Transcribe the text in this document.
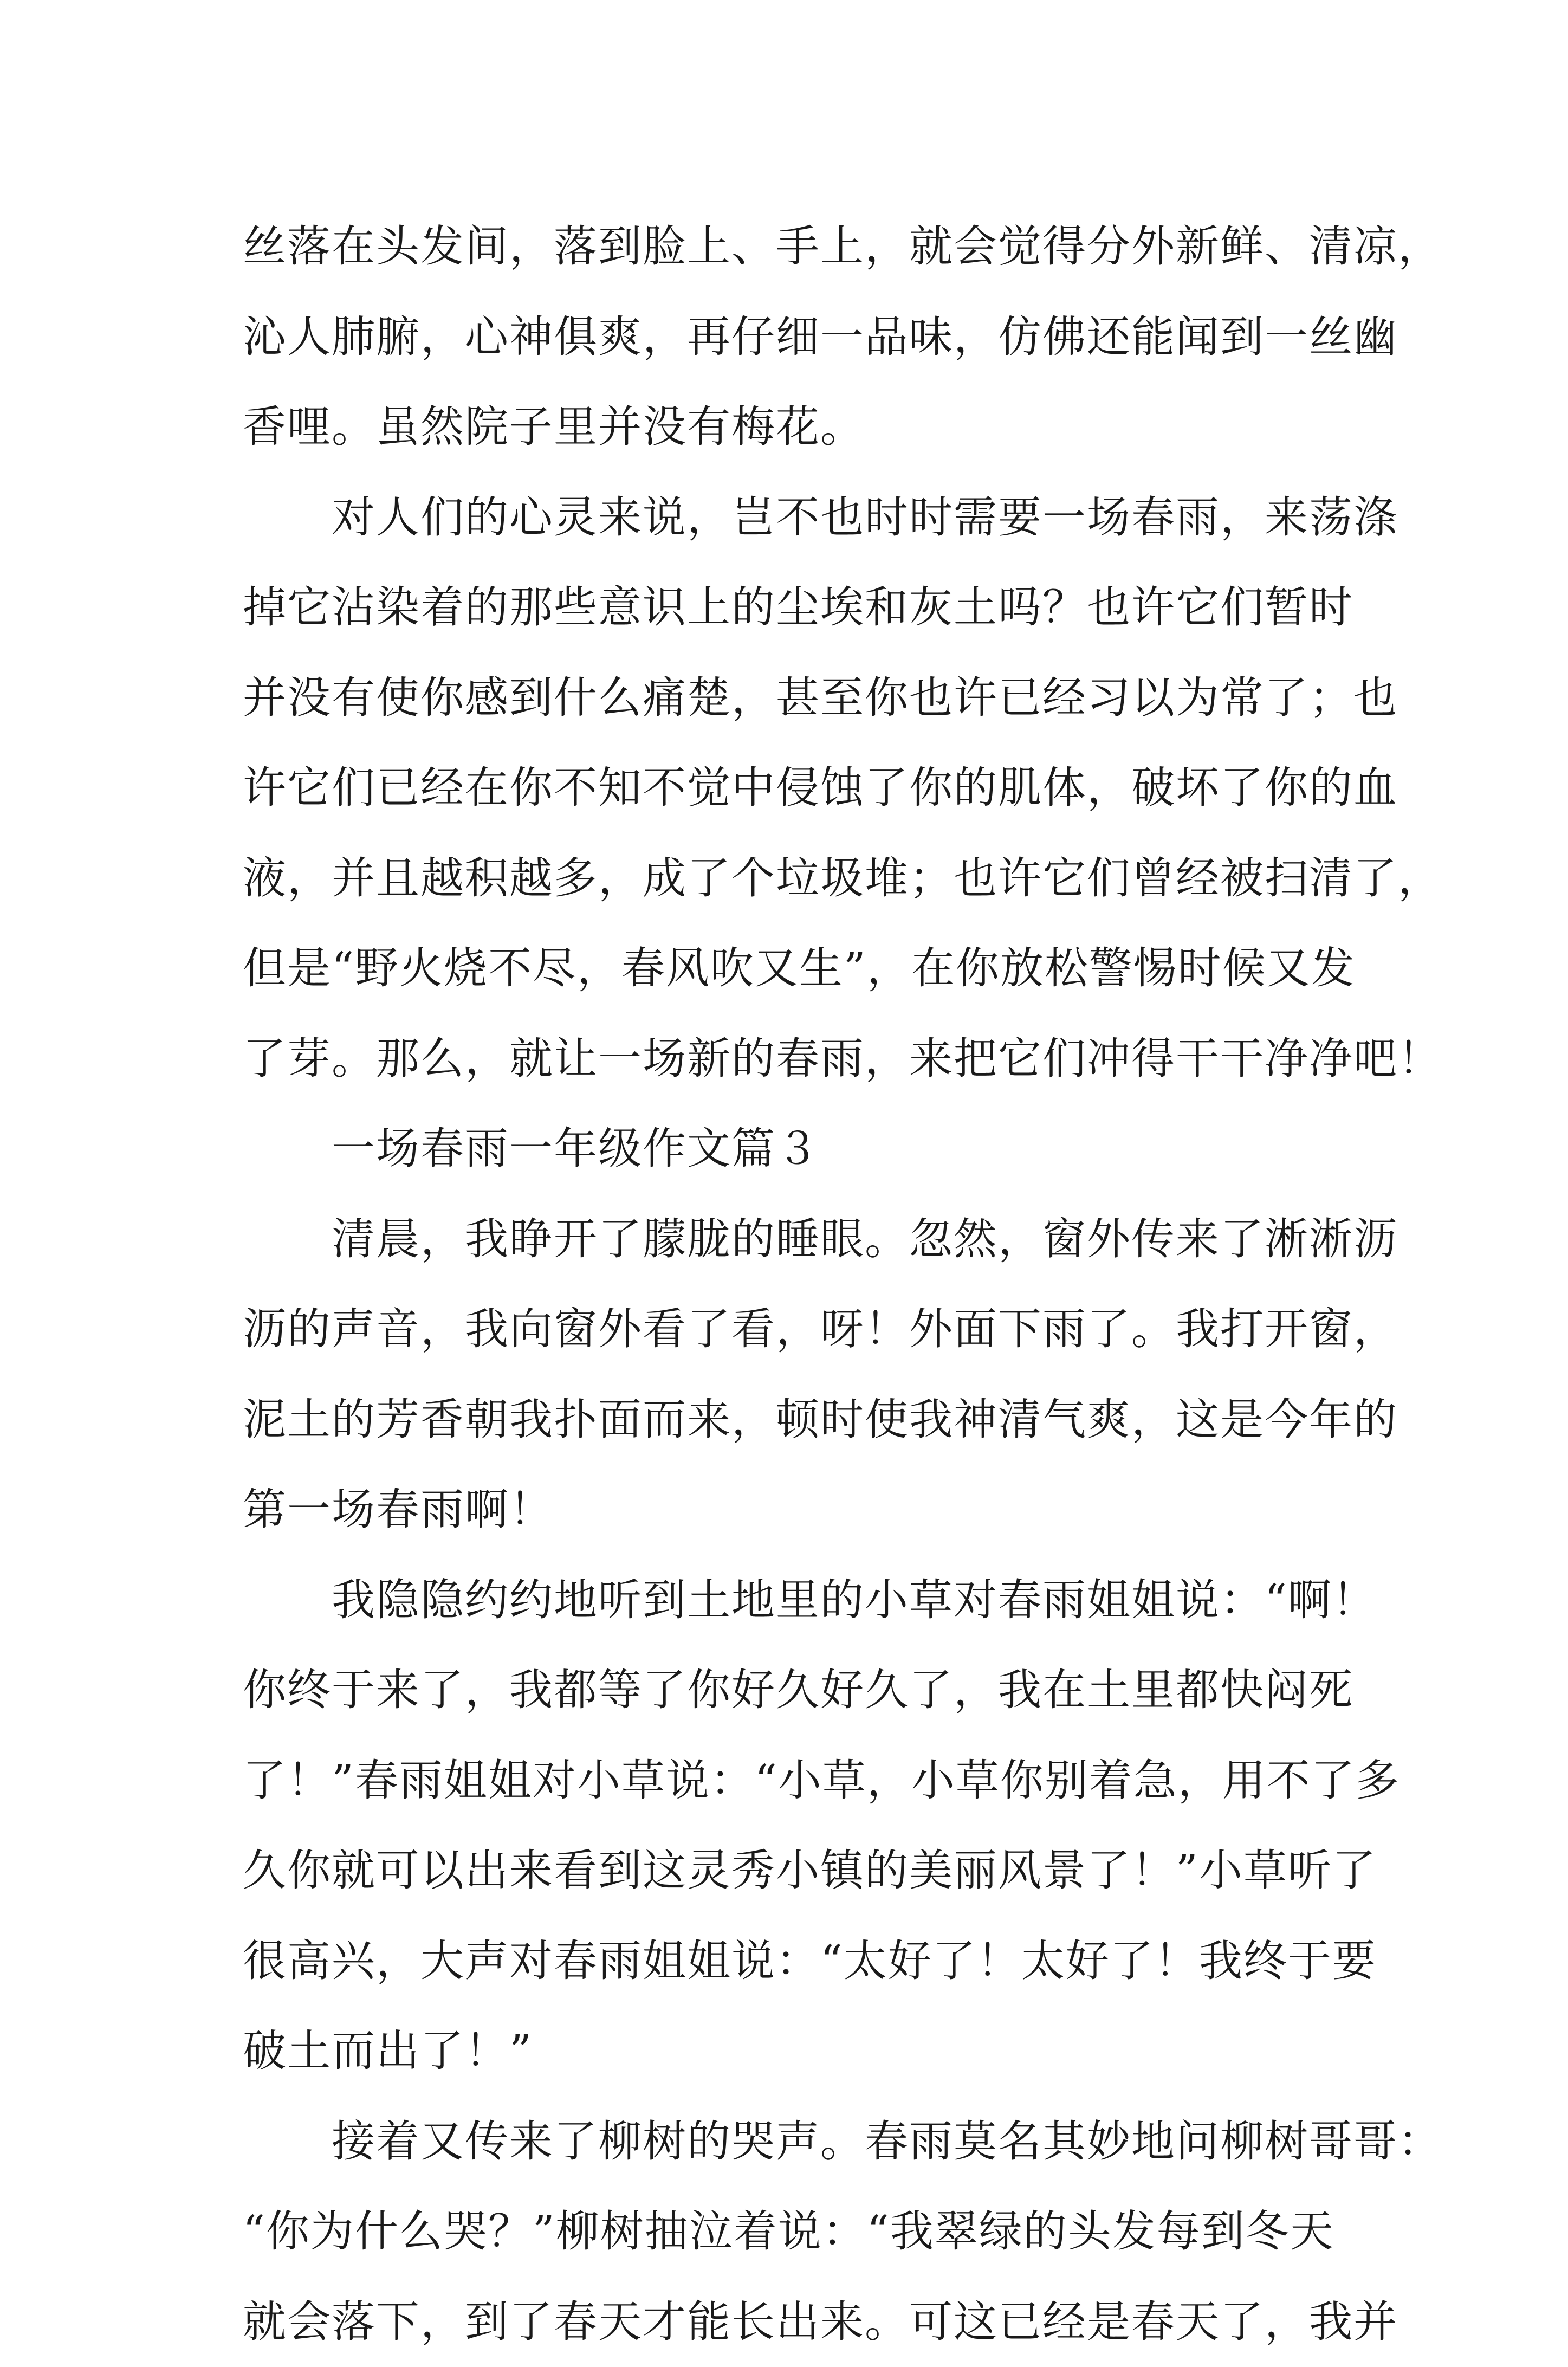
丝落在头发间，落到脸上、手上，就会觉得分外新鲜、清凉，
沁人肺腑，心神俱爽，再仔细一品味，仿佛还能闻到一丝幽
香哩。虽然院子里并没有梅花。
　　对人们的心灵来说，岂不也时时需要一场春雨，来荡涤
掉它沾染着的那些意识上的尘埃和灰土吗？也许它们暂时
并没有使你感到什么痛楚，甚至你也许已经习以为常了；也
许它们已经在你不知不觉中侵蚀了你的肌体，破坏了你的血
液，并且越积越多，成了个垃圾堆；也许它们曾经被扫清了，
但是“野火烧不尽，春风吹又生”，在你放松警惕时候又发
了芽。那么，就让一场新的春雨，来把它们冲得干干净净吧！
　　一场春雨一年级作文篇３
　　清晨，我睁开了朦胧的睡眼。忽然，窗外传来了淅淅沥
沥的声音，我向窗外看了看，呀！外面下雨了。我打开窗，
泥土的芳香朝我扑面而来，顿时使我神清气爽，这是今年的
第一场春雨啊！
　　我隐隐约约地听到土地里的小草对春雨姐姐说：“啊！
你终于来了，我都等了你好久好久了，我在土里都快闷死
了！”春雨姐姐对小草说：“小草，小草你别着急，用不了多
久你就可以出来看到这灵秀小镇的美丽风景了！”小草听了
很高兴，大声对春雨姐姐说：“太好了！太好了！我终于要
破土而出了！”
　　接着又传来了柳树的哭声。春雨莫名其妙地问柳树哥哥：
“你为什么哭？”柳树抽泣着说：“我翠绿的头发每到冬天
就会落下，到了春天才能长出来。可这已经是春天了，我并
